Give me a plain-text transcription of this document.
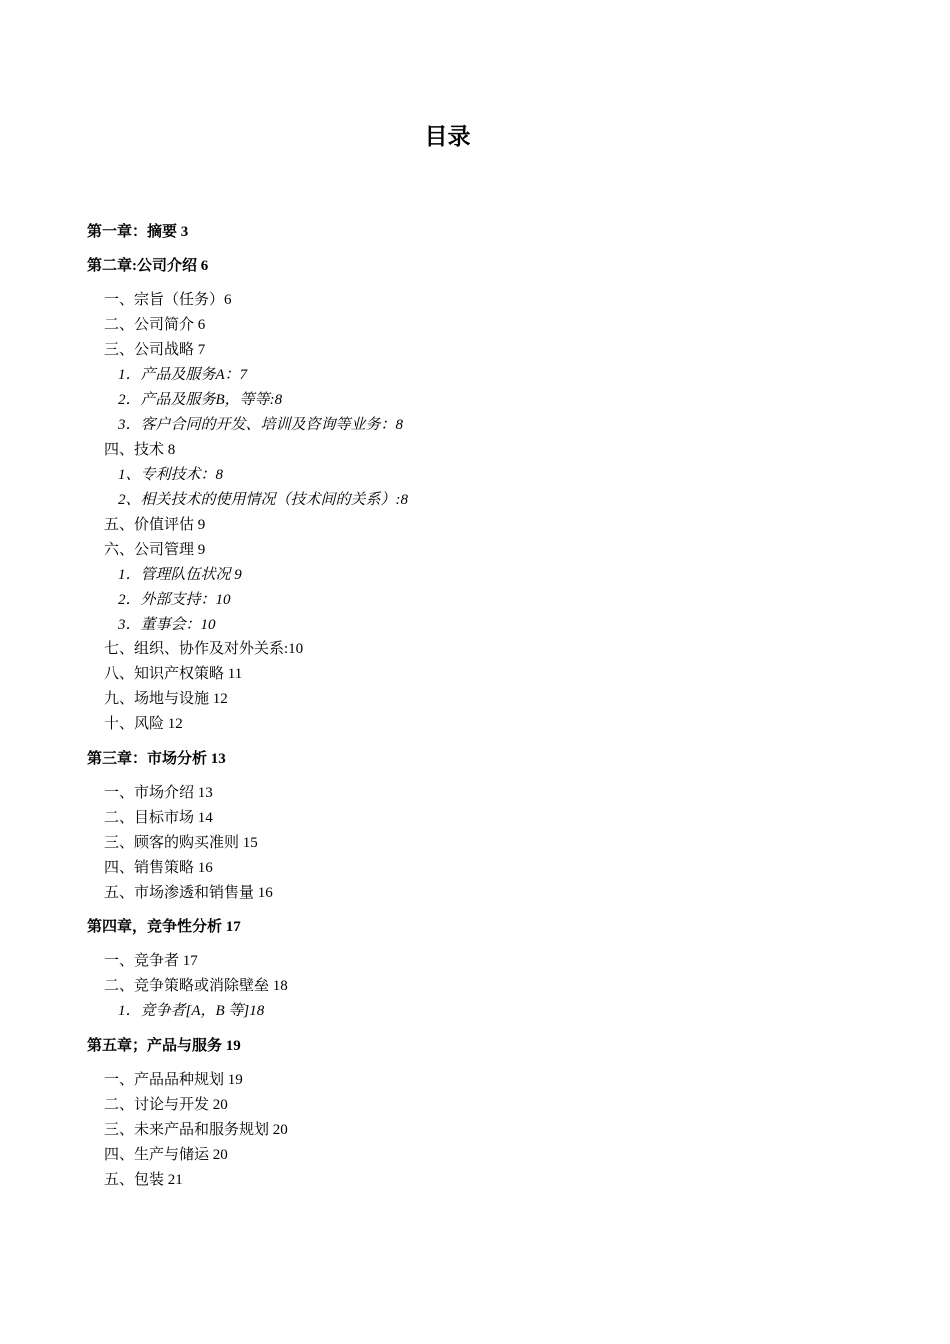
目录
第一章：摘要 3
第二章:公司介绍 6
一、宗旨（任务）6
二、公司简介 6
三、公司战略 7
1．产品及服务A：7
2．产品及服务B，等等:8
3．客户合同的开发、培训及咨询等业务：8
四、技术 8
1、专利技术：8
2、相关技术的使用情况（技术间的关系）:8
五、价值评估 9
六、公司管理 9
1．管理队伍状况 9
2．外部支持：10
3．董事会：10
七、组织、协作及对外关系:10
八、知识产权策略 11
九、场地与设施 12
十、风险 12
第三章：市场分析 13
一、市场介绍 13
二、目标市场 14
三、顾客的购买准则 15
四、销售策略 16
五、市场渗透和销售量 16
第四章，竞争性分析 17
一、竞争者 17
二、竞争策略或消除壁垒 18
1．竞争者[A，B 等]18
第五章；产品与服务 19
一、产品品种规划 19
二、讨论与开发 20
三、未来产品和服务规划 20
四、生产与储运 20
五、包装 21
